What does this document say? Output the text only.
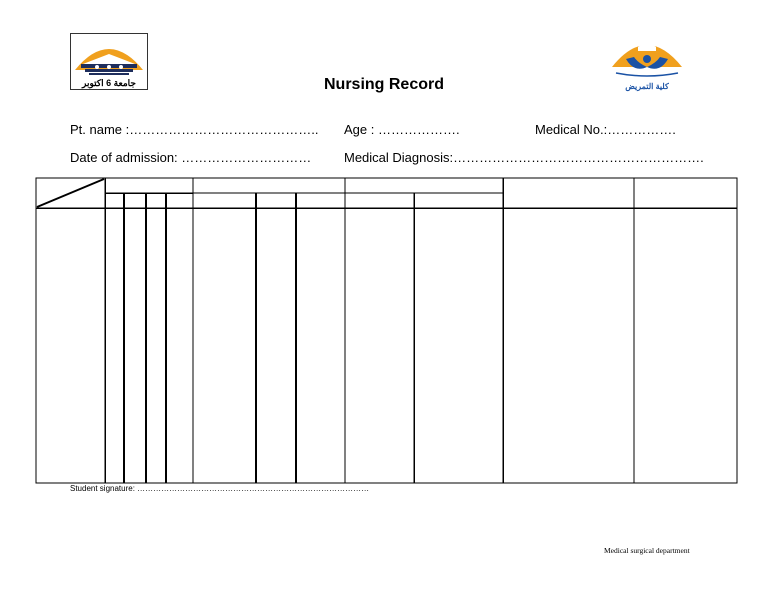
جامعة 6 اكتوبر	كلية التمريض
Nursing Record
Pt. name :…………………………………….. Age : ……………….	Medical No.:…………….
Date of admission: …………………………	Medical Diagnosis:………………………………………………….
Student signature: ……………………………………………………………………………
Medical surgical department
